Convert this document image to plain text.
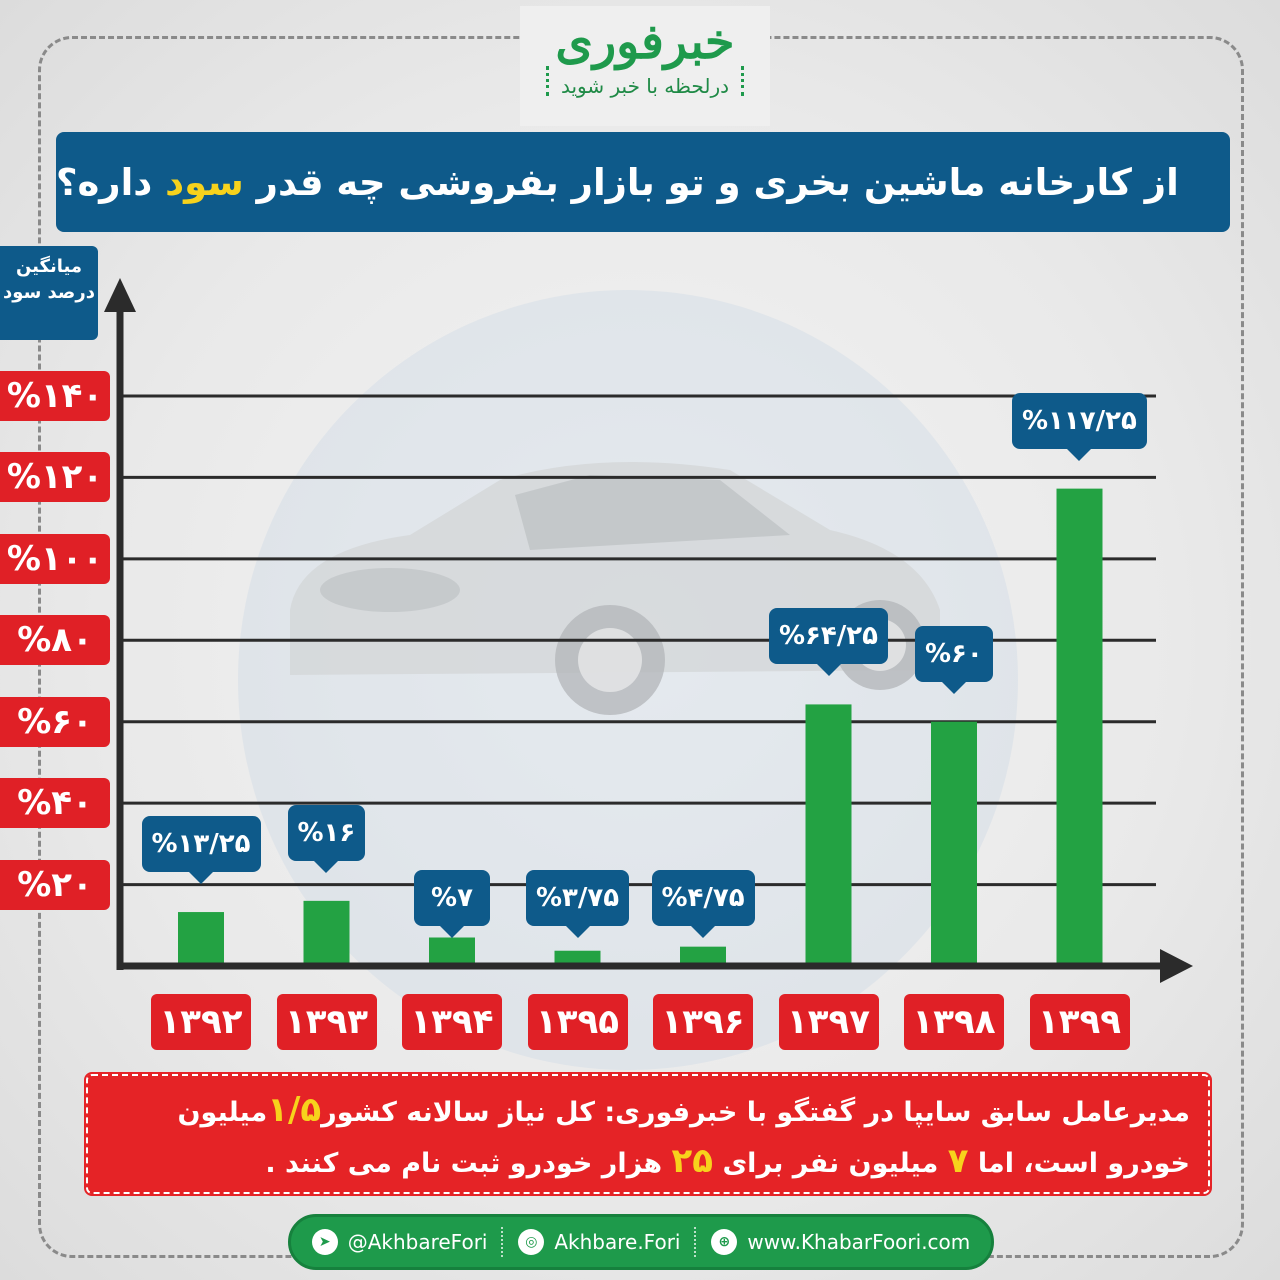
خبرفوری
درلحظه با خبر شوید
از کارخانه ماشین بخری و تو بازار بفروشی چه قدر

سود

داره؟
میانگین درصد سود
%۲۰
%۴۰
%۶۰
%۸۰
%۱۰۰
%۱۲۰
%۱۴۰
۱۳۹۲ ۱۳۹۳ ۱۳۹۴ ۱۳۹۵ ۱۳۹۶ ۱۳۹۷ ۱۳۹۸ ۱۳۹۹
%۱۳/۲۵	%۱۶
%۷	%۳/۷۵	%۴/۷۵
%۶۴/۲۵
%۶۰
%۱۱۷/۲۵
مدیرعامل سابق سایپا در گفتگو با خبرفوری: کل نیاز سالانه کشور۱/۵میلیون خودرو است، اما ۷ میلیون نفر برای ۲۵ هزار خودرو ثبت نام می کنند .
➤ @AkhbareFori	◎ Akhbare.Fori	⊕ www.KhabarFoori.com
